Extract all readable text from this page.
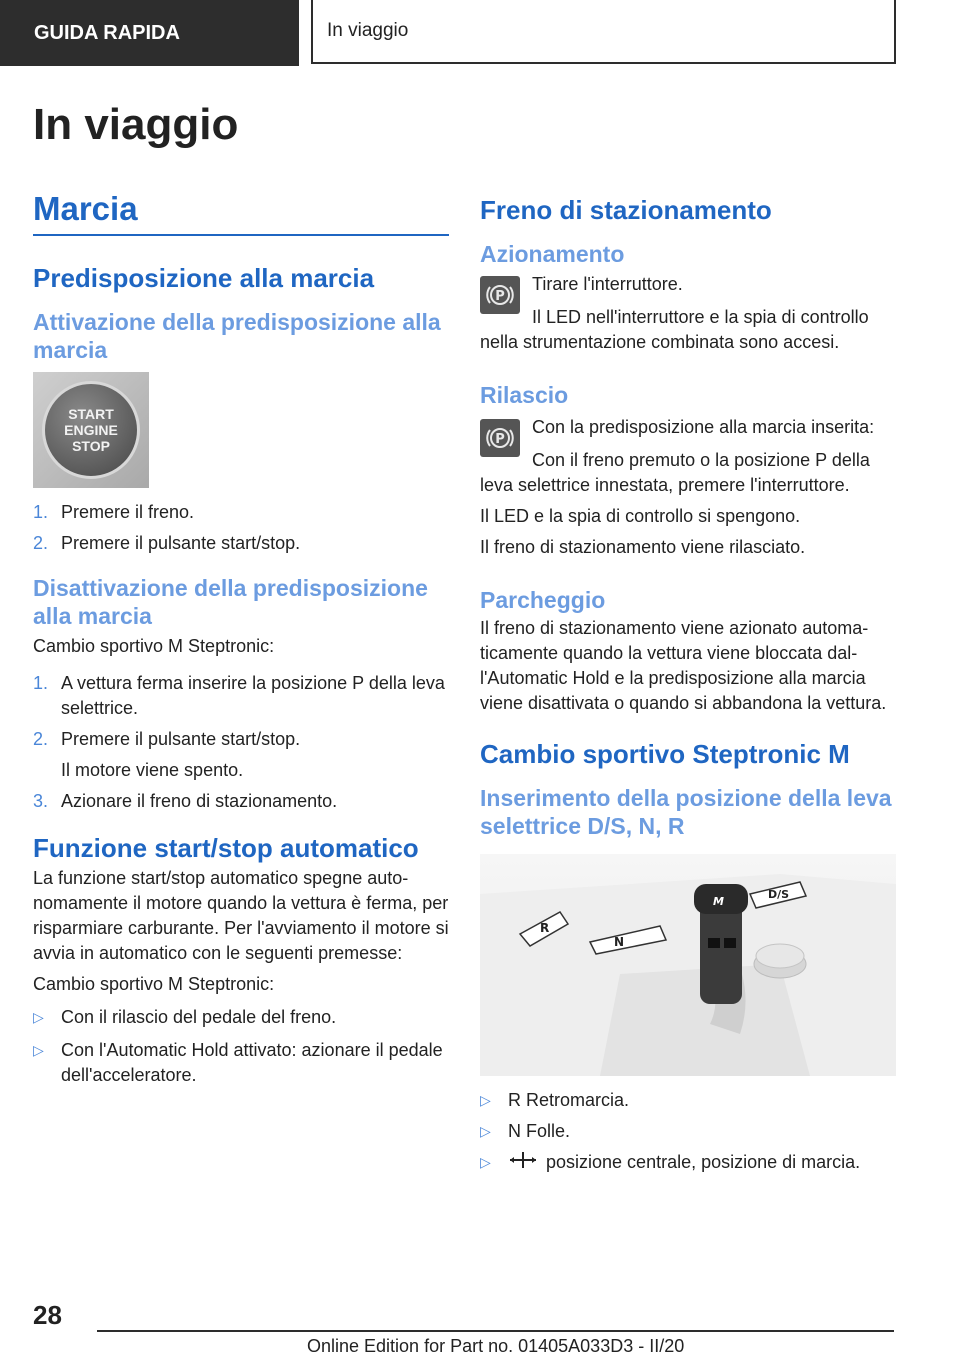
GUIDA RAPIDA	In viaggio
In viaggio
Marcia
Predisposizione alla marcia
Attivazione della predisposizione alla marcia
START
ENGINE
STOP
1. Premere il freno.
2. Premere il pulsante start/stop.
Disattivazione della predisposizione alla marcia

Cambio sportivo M Steptronic:

1. A vettura ferma inserire la posizione P della leva selettrice.
2. Premere il pulsante start/stop.

Il motore viene spento.

3. Azionare il freno di stazionamento.
Funzione start/stop automatico

La funzione start/stop automatico spegne autonomamente il motore quando la vettura è ferma, per risparmiare carburante. Per l'avviamento il motore si avvia in automatico con le seguenti premesse:

Cambio sportivo M Steptronic:

▷ Con il rilascio del pedale del freno.
▷ Con l'Automatic Hold attivato: azionare il pedale dell'acceleratore.
Freno di stazionamento
Azionamento
P

Tirare l'interruttore.

Il LED nell'interruttore e la spia di controllo nella strumentazione combinata sono accesi.

Rilascio
P

Con la predisposizione alla marcia inserita:

Con il freno premuto o la posizione P della leva selettrice innestata, premere l'interruttore.

Il LED e la spia di controllo si spengono.

Il freno di stazionamento viene rilasciato.

Parcheggio

Il freno di stazionamento viene azionato automaticamente quando la vettura viene bloccata dall'Automatic Hold e la predisposizione alla marcia viene disattivata o quando si abbandona la vettura.

Cambio sportivo Steptronic M
Inserimento della posizione della leva selettrice D/S, N, R
R
N
D/S
M
▷ R Retromarcia.
▷ N Folle.
▷	posizione centrale, posizione di marcia.
28
Online Edition for Part no. 01405A033D3 - II/20
